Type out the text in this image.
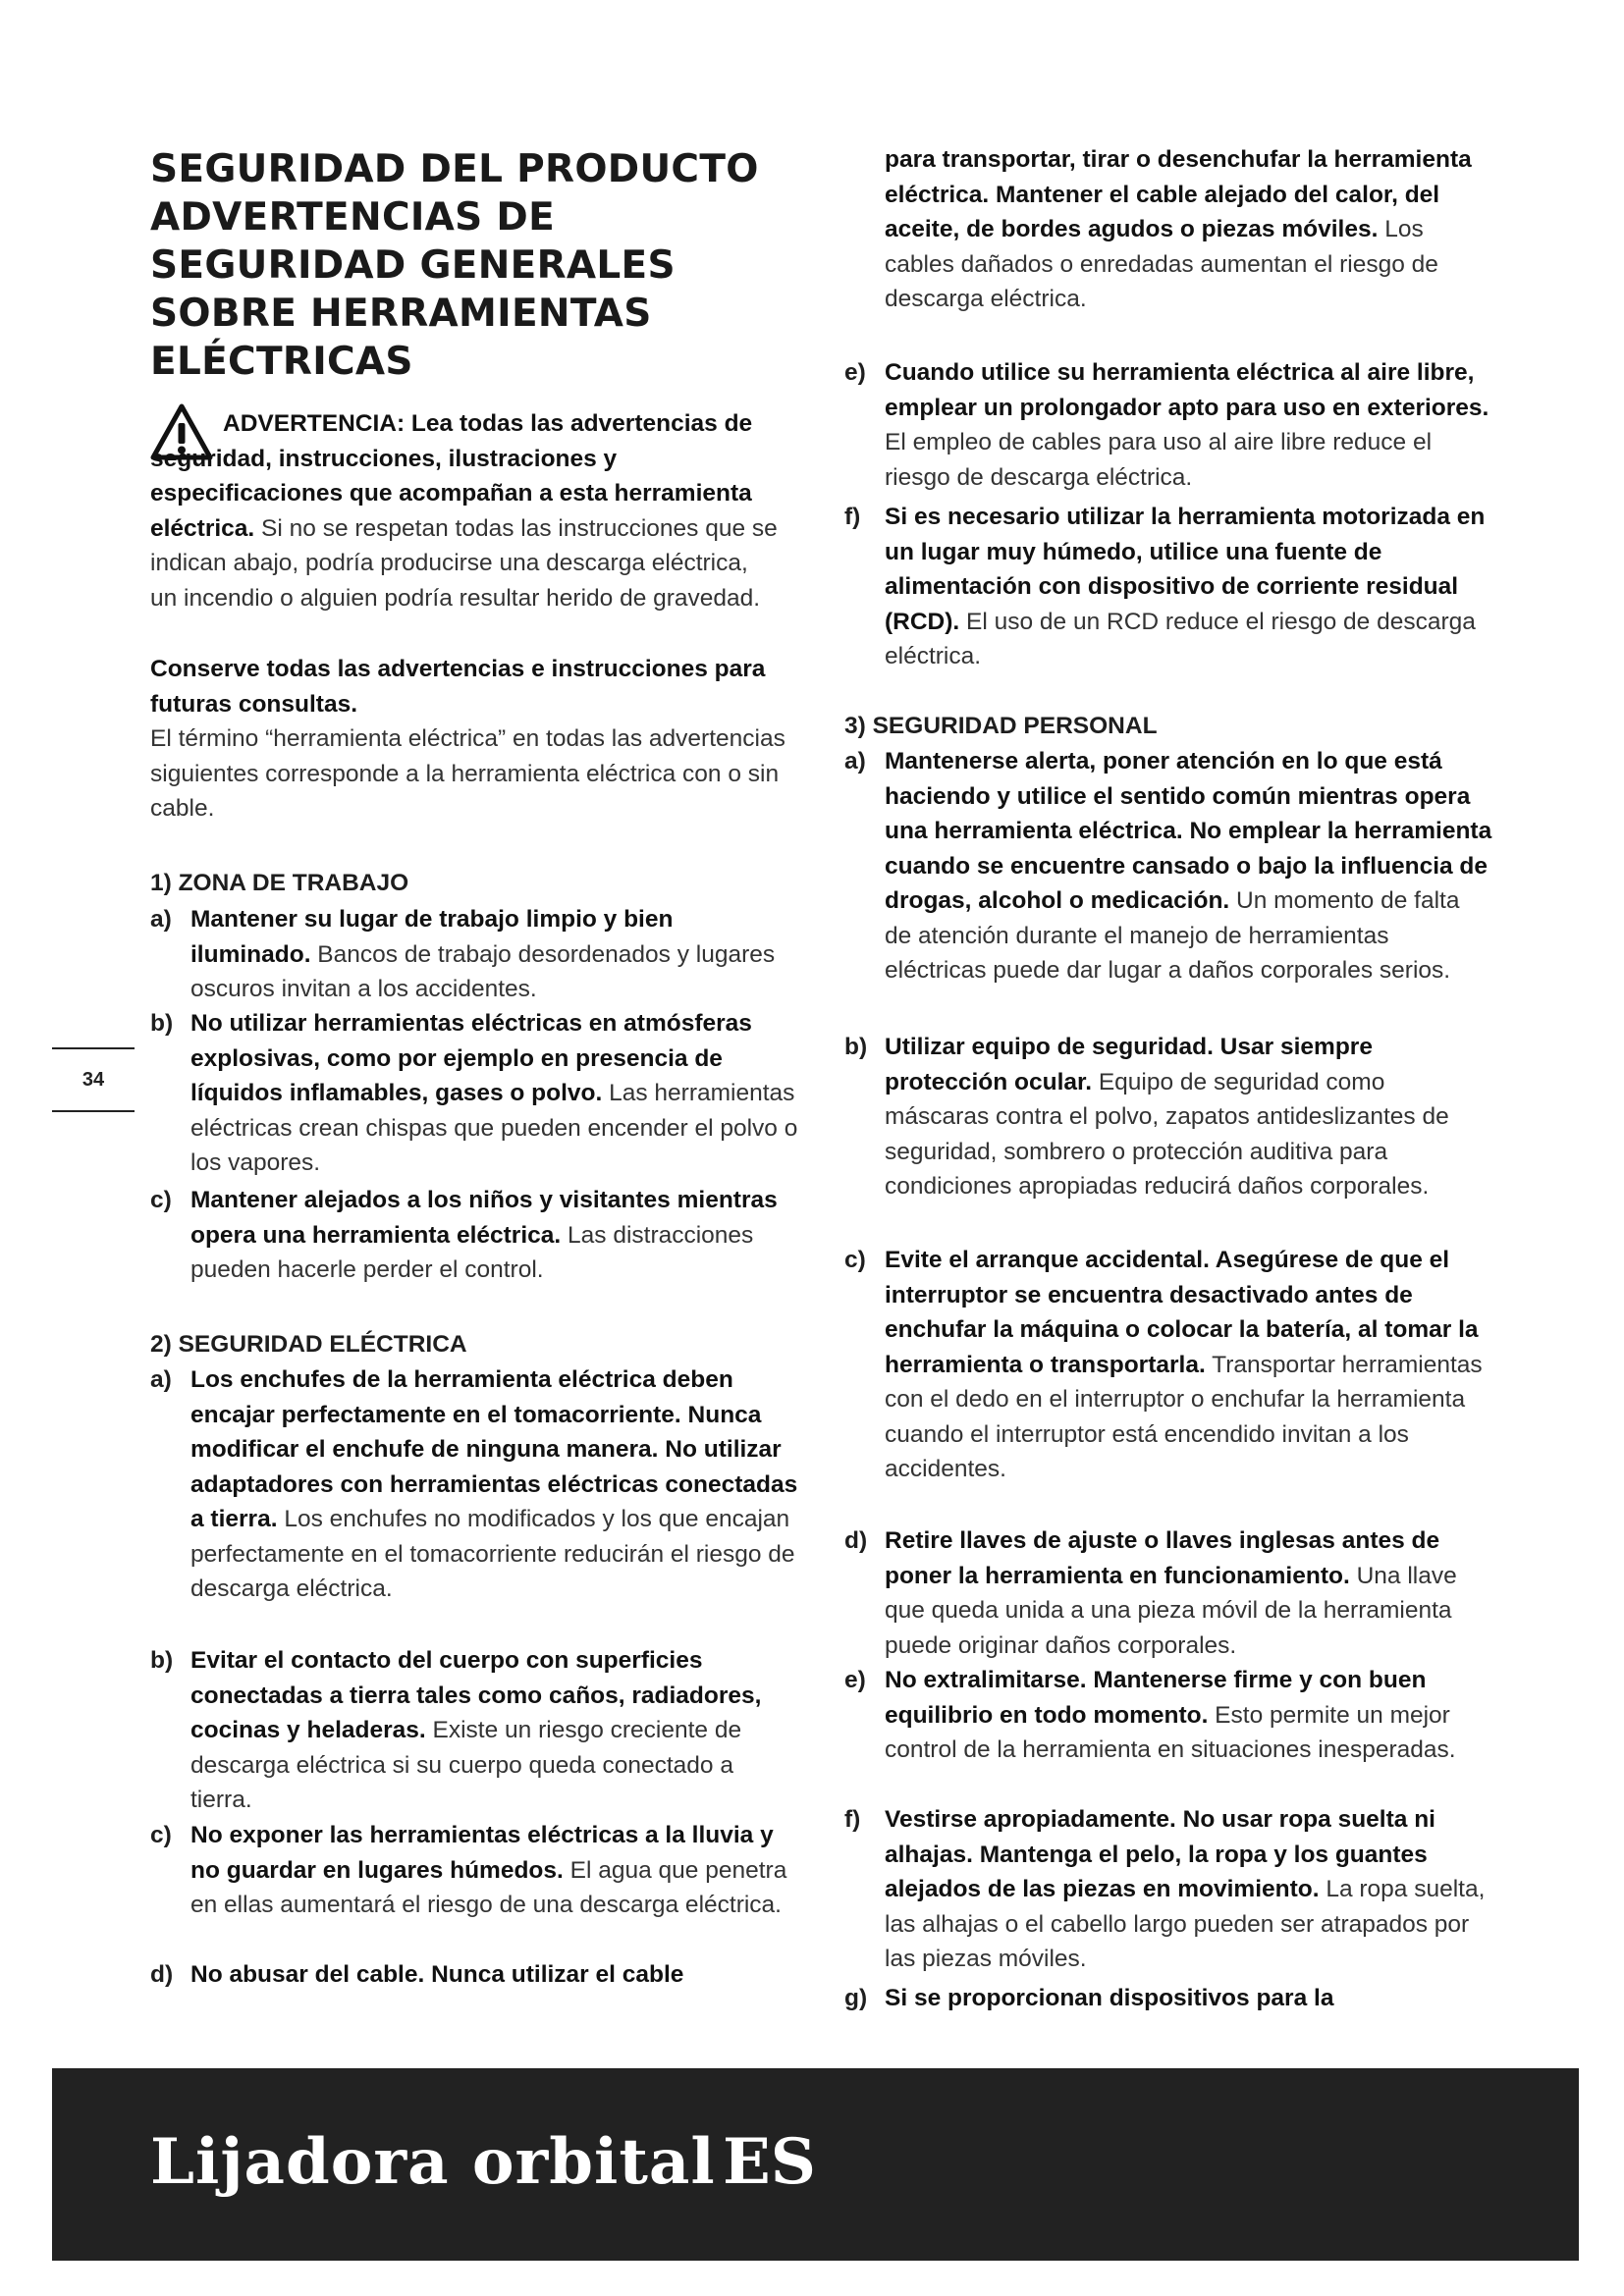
SEGURIDAD DEL PRODUCTO ADVERTENCIAS DE SEGURIDAD GENERALES SOBRE HERRAMIENTAS ELÉCTRICAS

ADVERTENCIA: Lea todas las advertencias de seguridad, instrucciones, ilustraciones y especificaciones que acompañan a esta herramienta eléctrica. Si no se respetan todas las instrucciones que se indican abajo, podría producirse una descarga eléctrica, un incendio o alguien podría resultar herido de gravedad.

Conserve todas las advertencias e instrucciones para futuras consultas.

El término “herramienta eléctrica” en todas las advertencias siguientes corresponde a la herramienta eléctrica con o sin cable.

1) ZONA DE TRABAJO
a) Mantener su lugar de trabajo limpio y bien iluminado. Bancos de trabajo desordenados y lugares oscuros invitan a los accidentes.
b) No utilizar herramientas eléctricas en atmósferas explosivas, como por ejemplo en presencia de líquidos inflamables, gases o polvo. Las herramientas eléctricas crean chispas que pueden encender el polvo o los vapores.
c) Mantener alejados a los niños y visitantes mientras opera una herramienta eléctrica. Las distracciones pueden hacerle perder el control.
2) SEGURIDAD ELÉCTRICA
a) Los enchufes de la herramienta eléctrica deben encajar perfectamente en el tomacorriente. Nunca modificar el enchufe de ninguna manera. No utilizar adaptadores con herramientas eléctricas conectadas a tierra. Los enchufes no modificados y los que encajan perfectamente en el tomacorriente reducirán el riesgo de descarga eléctrica.
b) Evitar el contacto del cuerpo con superficies conectadas a tierra tales como caños, radiadores, cocinas y heladeras. Existe un riesgo creciente de descarga eléctrica si su cuerpo queda conectado a tierra.
c) No exponer las herramientas eléctricas a la lluvia y no guardar en lugares húmedos. El agua que penetra en ellas aumentará el riesgo de una descarga eléctrica.
d) No abusar del cable. Nunca utilizar el cable
para transportar, tirar o desenchufar la herramienta eléctrica. Mantener el cable alejado del calor, del aceite, de bordes agudos o piezas móviles. Los cables dañados o enredadas aumentan el riesgo de descarga eléctrica.
e) Cuando utilice su herramienta eléctrica al aire libre, emplear un prolongador apto para uso en exteriores. El empleo de cables para uso al aire libre reduce el riesgo de descarga eléctrica.
f) Si es necesario utilizar la herramienta motorizada en un lugar muy húmedo, utilice una fuente de alimentación con dispositivo de corriente residual (RCD). El uso de un RCD reduce el riesgo de descarga eléctrica.
3) SEGURIDAD PERSONAL
a) Mantenerse alerta, poner atención en lo que está haciendo y utilice el sentido común mientras opera una herramienta eléctrica. No emplear la herramienta cuando se encuentre cansado o bajo la influencia de drogas, alcohol o medicación. Un momento de falta de atención durante el manejo de herramientas eléctricas puede dar lugar a daños corporales serios.
b) Utilizar equipo de seguridad. Usar siempre protección ocular. Equipo de seguridad como máscaras contra el polvo, zapatos antideslizantes de seguridad, sombrero o protección auditiva para condiciones apropiadas reducirá daños corporales.
c) Evite el arranque accidental. Asegúrese de que el interruptor se encuentra desactivado antes de enchufar la máquina o colocar la batería, al tomar la herramienta o transportarla. Transportar herramientas con el dedo en el interruptor o enchufar la herramienta cuando el interruptor está encendido invitan a los accidentes.
d) Retire llaves de ajuste o llaves inglesas antes de poner la herramienta en funcionamiento. Una llave que queda unida a una pieza móvil de la herramienta puede originar daños corporales.
e) No extralimitarse. Mantenerse firme y con buen equilibrio en todo momento. Esto permite un mejor control de la herramienta en situaciones inesperadas.
f) Vestirse apropiadamente. No usar ropa suelta ni alhajas. Mantenga el pelo, la ropa y los guantes alejados de las piezas en movimiento. La ropa suelta, las alhajas o el cabello largo pueden ser atrapados por las piezas móviles.
g) Si se proporcionan dispositivos para la
34
Lijadora orbital ES
